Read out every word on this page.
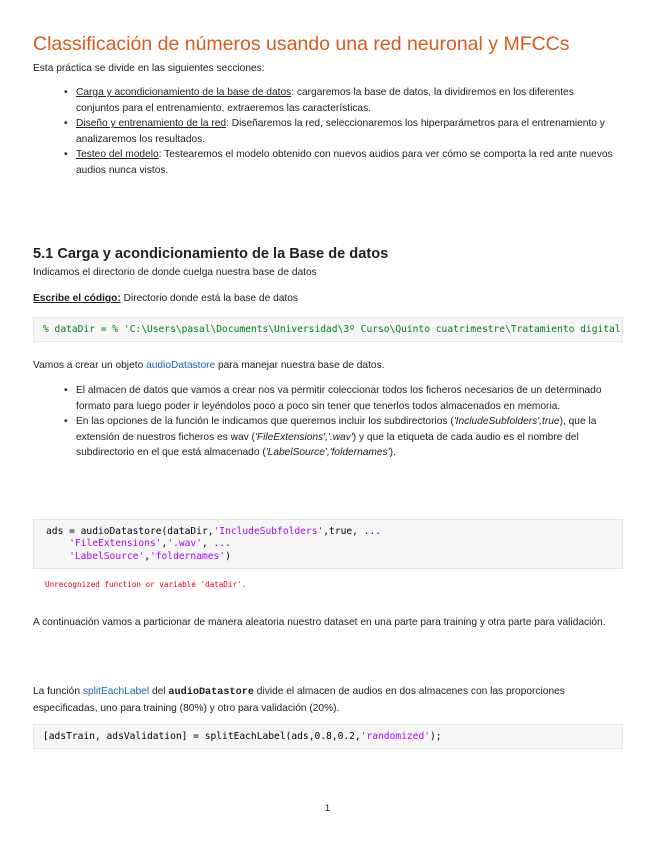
Classificación de números usando una red neuronal y MFCCs
Esta práctica se divide en las siguientes secciones:
• Carga y acondicionamiento de la base de datos: cargaremos la base de datos, la dividiremos en los diferentes conjuntos para el entrenamiento, extraeremos las características.
• Diseño y entrenamiento de la red: Diseñaremos la red, seleccionaremos los hiperparámetros para el entrenamiento y analizaremos los resultados.
• Testeo del modelo: Testearemos el modelo obtenido con nuevos audios para ver cómo se comporta la red ante nuevos audios nunca vistos.
5.1 Carga y acondicionamiento de la Base de datos
Indicamos el directorio de donde cuelga nuestra base de datos
Escribe el código: Directorio donde está la base de datos
% dataDir = % 'C:\Users\pasal\Documents\Universidad\3º Curso\Quinto cuatrimestre\Tratamiento digital
Vamos a crear un objeto audioDatastore para manejar nuestra base de datos.
• El almacen de datos que vamos a crear nos va permitir coleccionar todos los ficheros necesarios de un determinado formato para luego poder ir leyéndolos poco a poco sin tener que tenerlos todos almacenados en memoria.
• En las opciones de la función le indicamos que queremos incluir los subdirectorios ('IncludeSubfolders',true), que la extensión de nuestros ficheros es wav ('FileExtensions','.wav') y que la etiqueta de cada audio es el nombre del subdirectorio en el que está almacenado ('LabelSource','foldernames').
ads = audioDatastore(dataDir,'IncludeSubfolders',true, ...
'FileExtensions','.wav', ...
'LabelSource','foldernames')
Unrecognized function or variable 'dataDir'.
A continuación vamos a particionar de manera aleatoria nuestro dataset en una parte para training y otra parte para validación.
La función splitEachLabel del audioDatastore divide el almacen de audios en dos almacenes con las proporciones especificadas, uno para training (80%) y otro para validación (20%).
[adsTrain, adsValidation] = splitEachLabel(ads,0.8,0.2,'randomized');
1
